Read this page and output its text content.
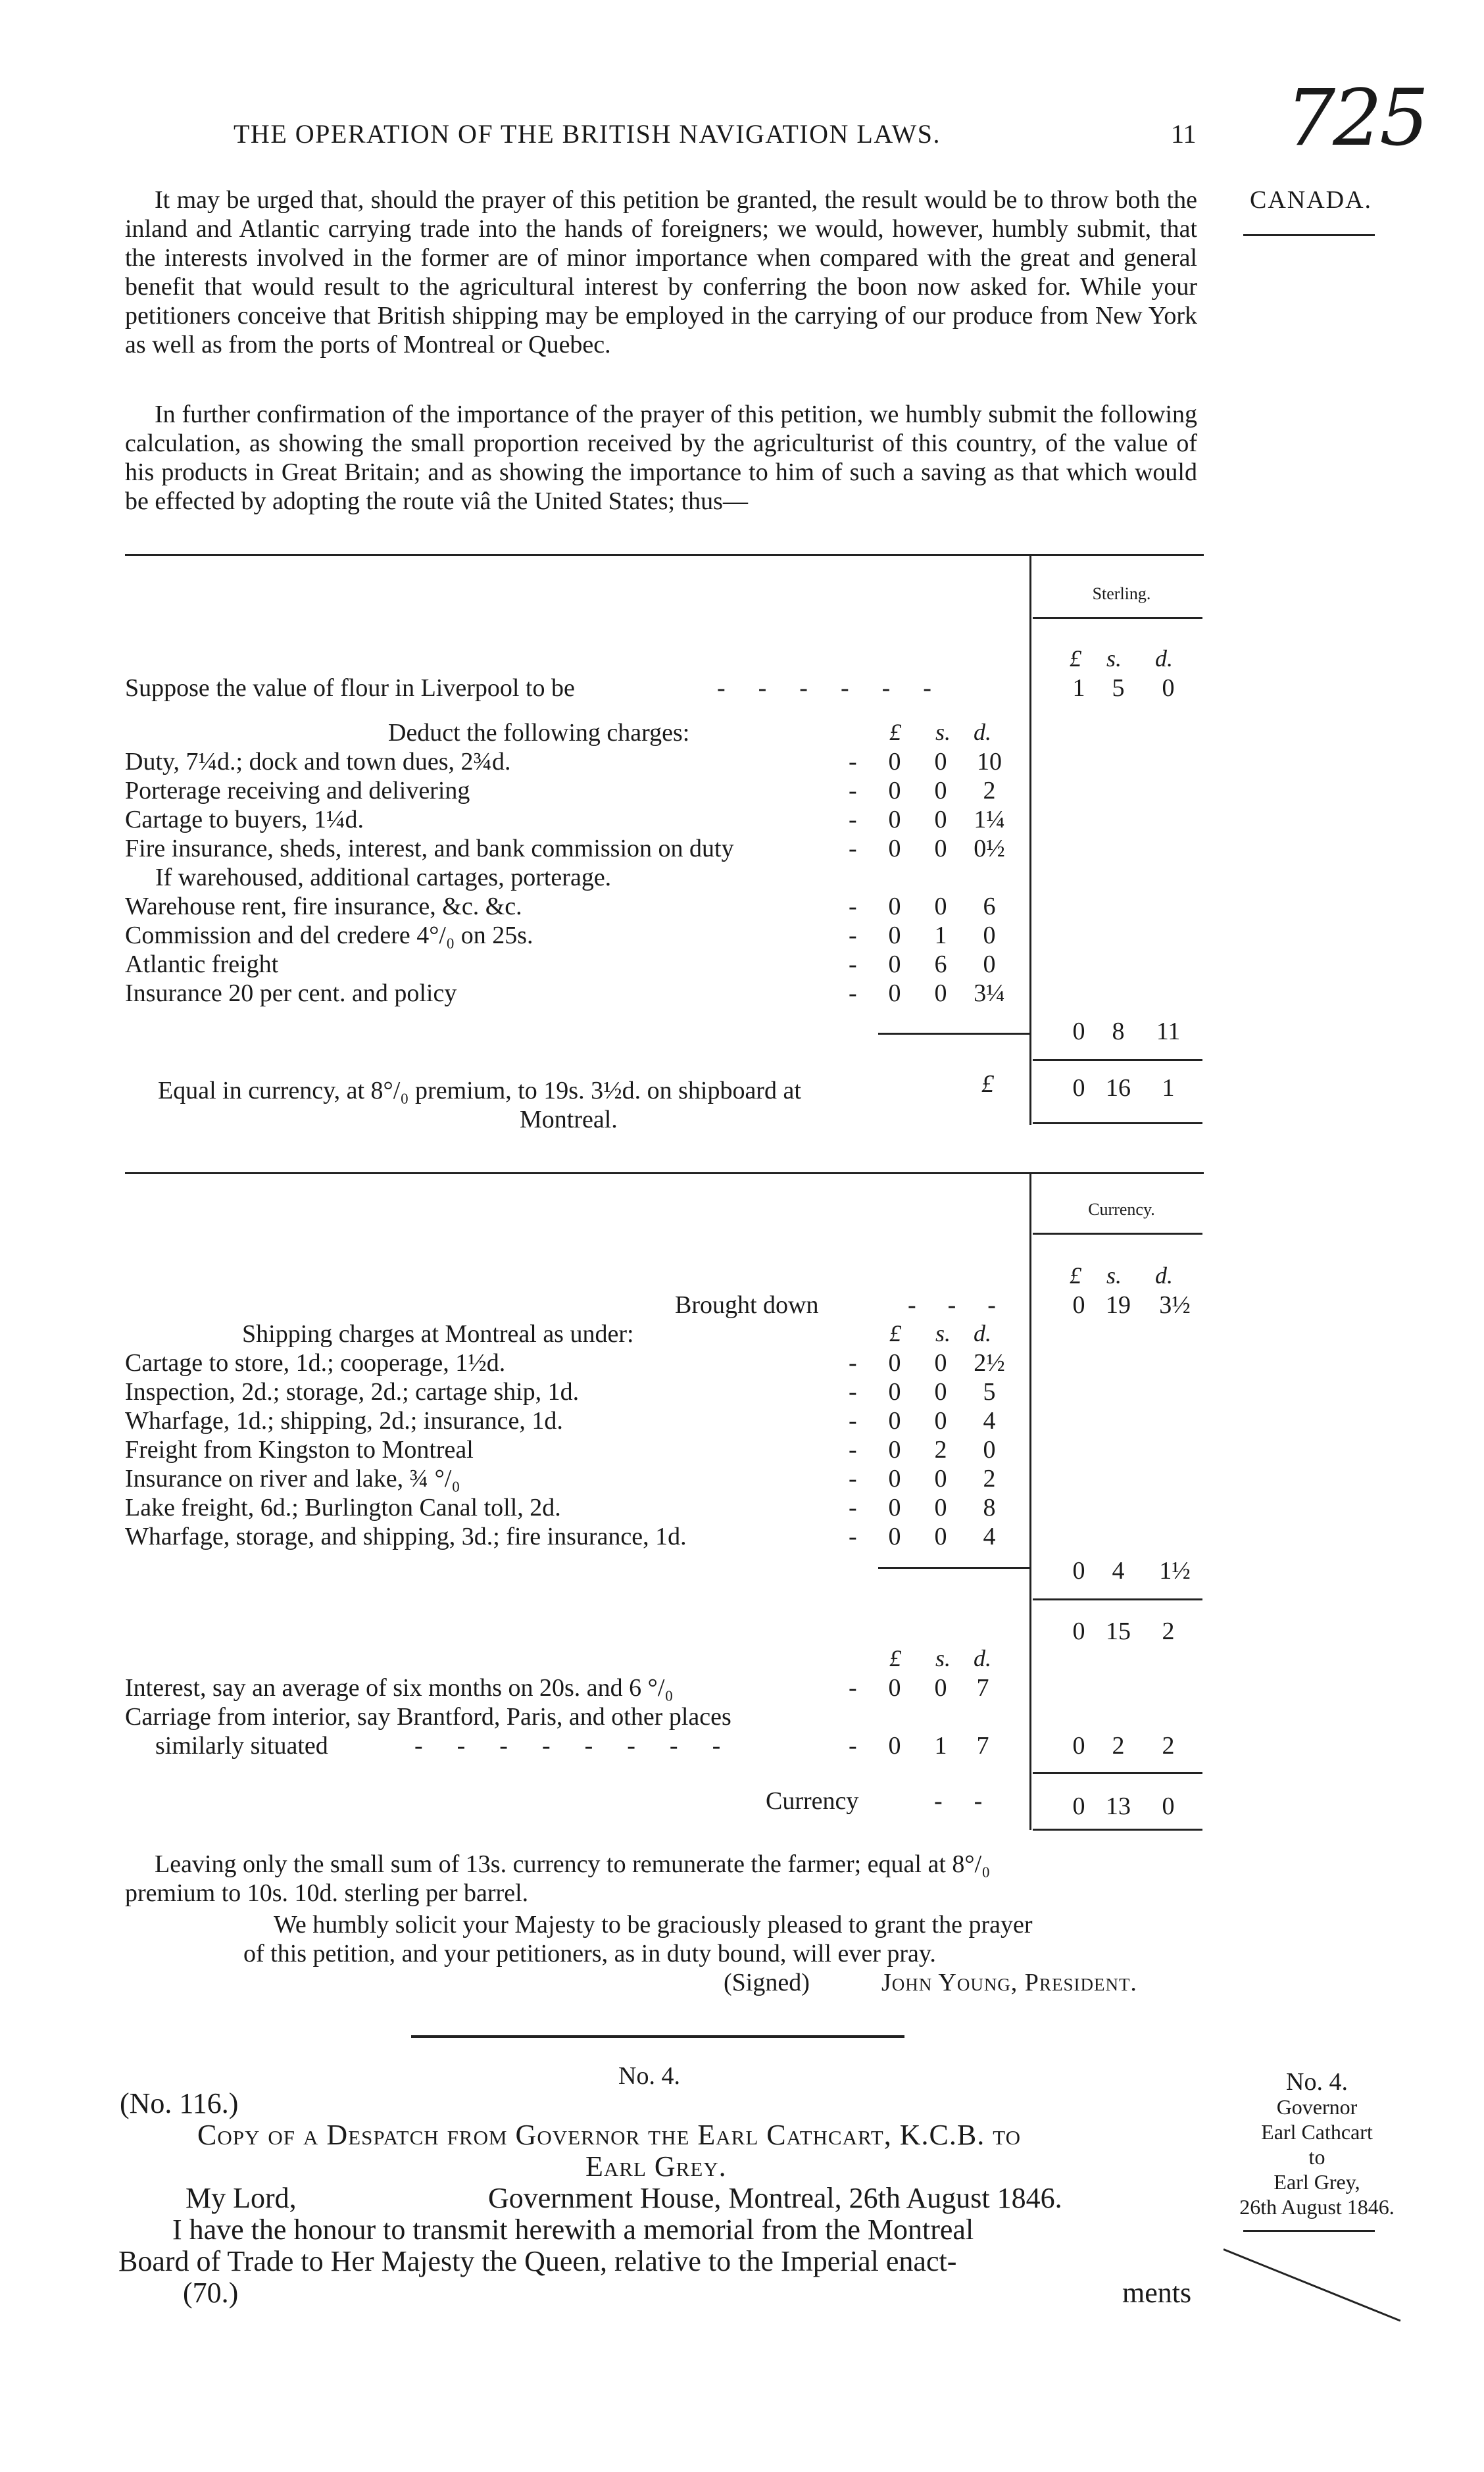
THE OPERATION OF THE BRITISH NAVIGATION LAWS.	11 725
CANADA.
It may be urged that, should the prayer of this petition be granted, the result would be to throw both the inland and Atlantic carrying trade into the hands of foreigners; we would, however, humbly submit, that the interests involved in the former are of minor importance when compared with the great and general benefit that would result to the agricultural interest by conferring the boon now asked for. While your petitioners conceive that British shipping may be employed in the carrying of our produce from New York as well as from the ports of Montreal or Quebec.
In further confirmation of the importance of the prayer of this petition, we humbly submit the following calculation, as showing the small proportion received by the agriculturist of this country, of the value of his products in Great Britain; and as showing the importance to him of such a saving as that which would be effected by adopting the route viâ the United States; thus—
Sterling.
£ s. d.
Suppose the value of flour in Liverpool to be	------	1 5 0
Deduct the following charges:	£ s. d.
Duty, 7¼d.; dock and town dues, 2¾d.	- 0 0 10
Porterage receiving and delivering	- 0 0	2
Cartage to buyers, 1¼d.	- 0 0 1¼
Fire insurance, sheds, interest, and bank commission on duty	- 0 0 0½
If warehoused, additional cartages, porterage.
Warehouse rent, fire insurance, &c. &c.	- 0 0	6
Commission and del credere 4°/₀ on 25s.	- 0 1	0
Atlantic freight	- 0 6	0
Insurance 20 per cent. and policy	- 0 0 3¼
0 8 11
Equal in currency, at 8°/₀ premium, to 19s. 3½d. on shipboard at
Montreal.
£	0 16 1
Currency.
£ s. d.
Brought down	--- 0 19 3½
Shipping charges at Montreal as under:	£ s. d.
Cartage to store, 1d.; cooperage, 1½d.	- 0 0 2½
Inspection, 2d.; storage, 2d.; cartage ship, 1d.	- 0 0	5
Wharfage, 1d.; shipping, 2d.; insurance, 1d.	- 0 0	4
Freight from Kingston to Montreal	- 0 2	0
Insurance on river and lake, ¾ °/₀	- 0 0	2
Lake freight, 6d.; Burlington Canal toll, 2d.	- 0 0	8
Wharfage, storage, and shipping, 3d.; fire insurance, 1d.	- 0 0	4
0 4 1½
0 15 2
£ s. d.
Interest, say an average of six months on 20s. and 6 °/₀	- 0 0 7
Carriage from interior, say Brantford, Paris, and other places
similarly situated	--------	- 0 1 7	0 2 2
Currency	-- 0 13 0
Leaving only the small sum of 13s. currency to remunerate the farmer; equal at 8°/₀
premium to 10s. 10d. sterling per barrel.
We humbly solicit your Majesty to be graciously pleased to grant the prayer
of this petition, and your petitioners, as in duty bound, will ever pray.
(Signed)	John Young, President.
No. 4.
(No. 116.)
Copy of a Despatch from Governor the Earl Cathcart, K.C.B. to
Earl Grey.
My Lord,	Government House, Montreal, 26th August 1846.
I have the honour to transmit herewith a memorial from the Montreal
Board of Trade to Her Majesty the Queen, relative to the Imperial enact-
(70.)	ments
No. 4.
Governor
Earl Cathcart
to
Earl Grey,
26th August 1846.
